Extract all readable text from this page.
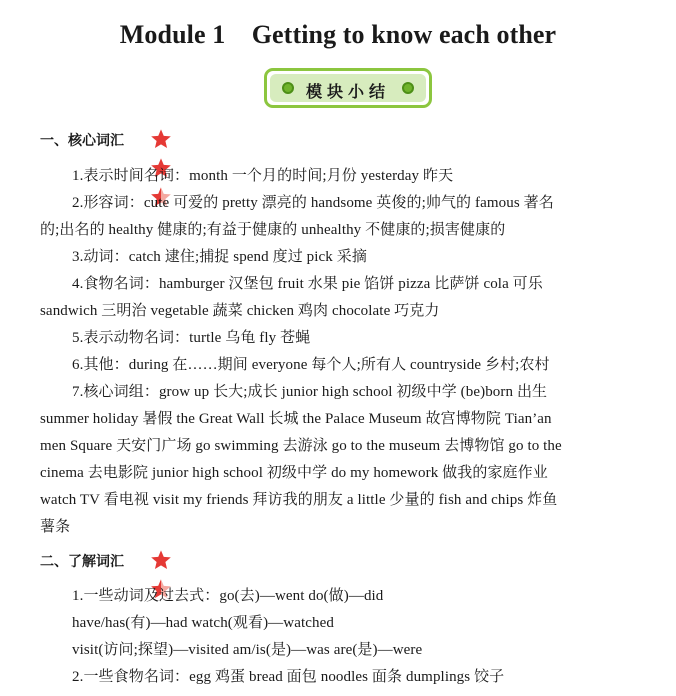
Module 1    Getting to know each other
模块小结
一、核心词汇
1.表示时间名词：month 一个月的时间;月份 yesterday 昨天
2.形容词：cute 可爱的 pretty 漂亮的 handsome 英俊的;帅气的 famous 著名
的;出名的 healthy 健康的;有益于健康的 unhealthy 不健康的;损害健康的
3.动词：catch 逮住;捕捉 spend 度过 pick 采摘
4.食物名词：hamburger 汉堡包 fruit 水果 pie 馅饼 pizza 比萨饼 cola 可乐
sandwich 三明治 vegetable 蔬菜 chicken 鸡肉 chocolate 巧克力
5.表示动物名词：turtle 乌龟 fly 苍蝇
6.其他：during 在……期间 everyone 每个人;所有人 countryside 乡村;农村
7.核心词组：grow up 长大;成长 junior high school 初级中学 (be)born 出生
summer holiday 暑假 the Great Wall 长城 the Palace Museum 故宫博物院 Tian’an
men Square 天安门广场 go swimming 去游泳 go to the museum 去博物馆 go to the
cinema 去电影院 junior high school 初级中学 do my homework 做我的家庭作业
watch TV 看电视 visit my friends 拜访我的朋友 a little 少量的 fish and chips 炸鱼
薯条
二、了解词汇
1.一些动词及过去式：go(去)—went do(做)—did
have/has(有)—had watch(观看)—watched
visit(访问;探望)—visited am/is(是)—was are(是)—were
2.一些食物名词：egg 鸡蛋 bread 面包 noodles 面条 dumplings 饺子
